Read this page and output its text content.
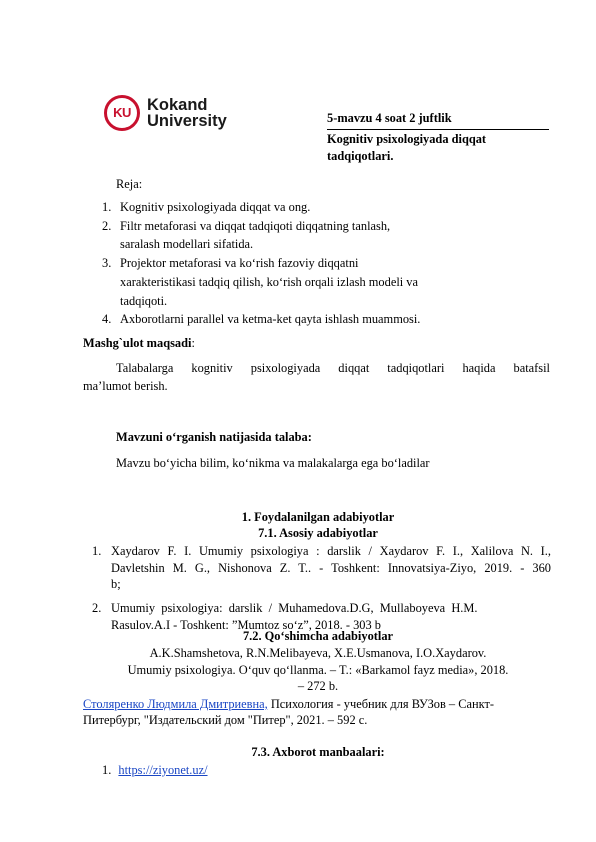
KU Kokand
University	5-mavzu 4 soat 2 juftlik
Kognitiv psixologiyada diqqat
tadqiqotlari.
Reja:
1. Kognitiv psixologiyada diqqat va ong.
2. Filtr metaforasi va diqqat tadqiqoti diqqatning tanlash,
saralash modellari sifatida.
3. Projektor metaforasi va ko‘rish fazoviy diqqatni
xarakteristikasi tadqiq qilish, ko‘rish orqali izlash modeli va
tadqiqoti.
4. Axborotlarni parallel va ketma-ket qayta ishlash muammosi.
Mashg`ulot maqsadi:
Talabalarga kognitiv psixologiyada diqqat tadqiqotlari haqida batafsil
ma’lumot berish.
Mavzuni o‘rganish natijasida talaba:
Mavzu bo‘yicha bilim, ko‘nikma va malakalarga ega bo‘ladilar
1. Foydalanilgan adabiyotlar
7.1. Asosiy adabiyotlar
1. Xaydarov F. I. Umumiy psixologiya : darslik / Xaydarov F. I., Xalilova N. I.,
Davletshin M. G., Nishonova Z. T.. - Toshkent: Innovatsiya-Ziyo, 2019. - 360
b;
2. Umumiy  psixologiya:  darslik  /  Muhamedova.D.G,  Mullaboyeva  H.M.
Rasulov.A.I - Toshkent: ”Mumtoz so‘z”, 2018. - 303 b
7.2. Qo‘shimcha adabiyotlar
A.K.Shamshetova, R.N.Melibayeva, X.E.Usmanova, I.O.Xaydarov.
Umumiy psixologiya. O‘quv qo‘llanma. – T.: «Barkamol fayz media», 2018.
– 272 b.
Столяренко Людмила Дмитриевна, Психология - учебник для ВУЗов – Санкт-
Питербург, "Издательский дом "Питер", 2021. – 592 с.
7.3. Axborot manbaalari:
1. https://ziyonet.uz/
